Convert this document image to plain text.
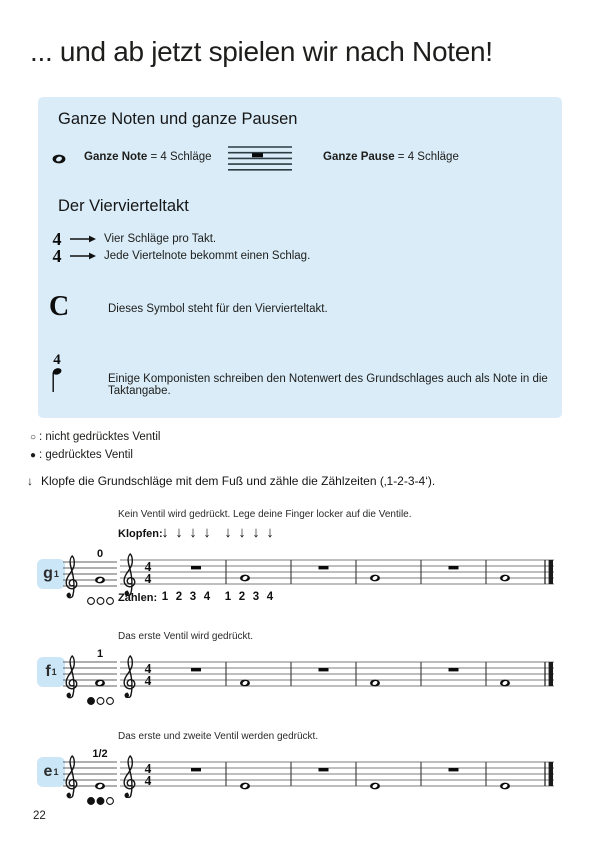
... und ab jetzt spielen wir nach Noten!
Ganze Noten und ganze Pausen

Ganze Note = 4 Schläge	Ganze Pause = 4 Schläge

Der Viervierteltakt
4	Vier Schläge pro Takt.
4	Jede Viertelnote bekommt einen Schlag.
C	Dieses Symbol steht für den Viervierteltakt.

4

Einige Komponisten schreiben den Notenwert des Grundschlages auch als Note in die Taktangabe.

○ : nicht gedrücktes Ventil

● : gedrücktes Ventil

↓ Klopfe die Grundschläge mit dem Fuß und zähle die Zählzeiten (‚1-2-3-4‘).

Kein Ventil wird gedrückt. Lege deine Finger locker auf die Ventile.

Klopfen:
↓ ↓ ↓ ↓ ↓ ↓ ↓ ↓
g 1
0
4
4
Zählen: 1 2 3 4	1 2 3 4

Das erste Ventil wird gedrückt.

f 1
1
4
4

Das erste und zweite Ventil werden gedrückt.

e 1
1/2
4
4
22
